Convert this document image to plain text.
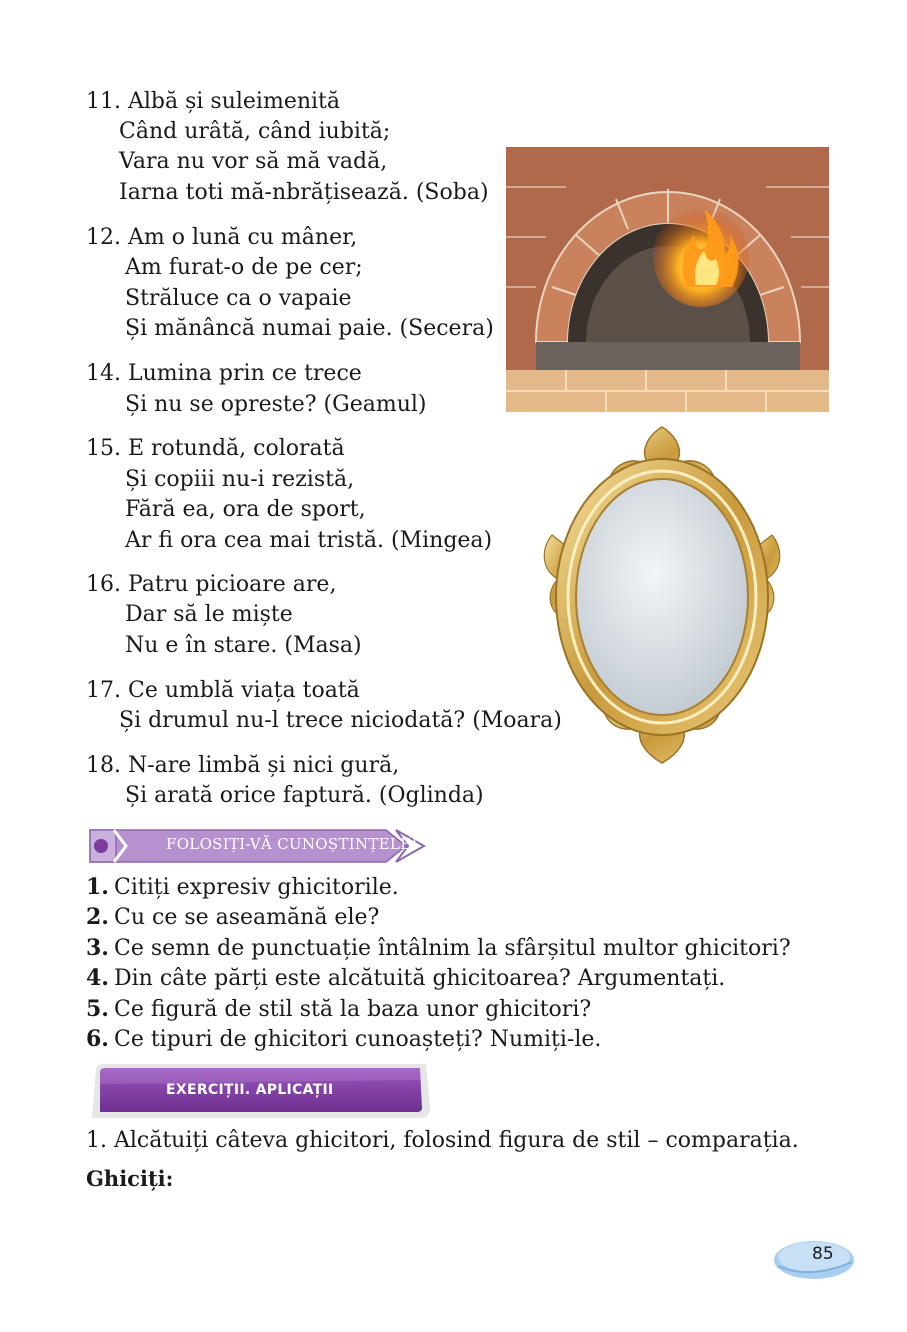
11. Albă și suleimenită
Când urâtă, când iubită;
Vara nu vor să mă vadă,
Iarna toti mă-nbrățisează. (Soba)
12. Am o lună cu mâner,
Am furat-o de pe cer;
Străluce ca o vapaie
Și mănâncă numai paie. (Secera)
14. Lumina prin ce trece
Și nu se opreste? (Geamul)
15. E rotundă, colorată
Și copiii nu-i rezistă,
Fără ea, ora de sport,
Ar fi ora cea mai tristă. (Mingea)
16. Patru picioare are,
Dar să le miște
Nu e în stare. (Masa)
17. Ce umblă viața toată
Și drumul nu-l trece niciodată? (Moara)
18. N-are limbă și nici gură,
Și arată orice faptură. (Oglinda)
FOLOSIȚI-VĂ CUNOȘTINȚELE!
1. Citiți expresiv ghicitorile.
2. Cu ce se aseamănă ele?
3. Ce semn de punctuație întâlnim la sfârșitul multor ghicitori?
4. Din câte părți este alcătuită ghicitoarea? Argumentați.
5. Ce figură de stil stă la baza unor ghicitori?
6. Ce tipuri de ghicitori cunoașteți? Numiți-le.
EXERCIȚII. APLICAȚII
1. Alcătuiți câteva ghicitori, folosind figura de stil – comparația.
Ghiciți:
85
